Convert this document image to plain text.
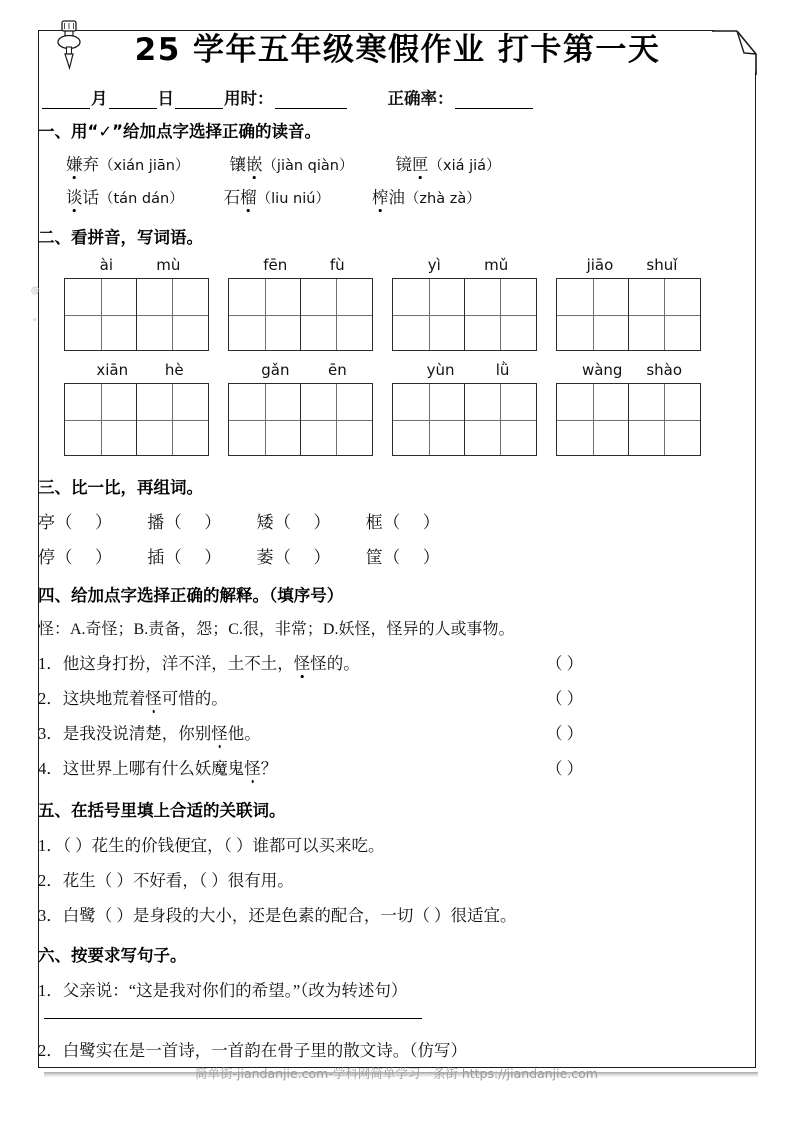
@
"
25 学年五年级寒假作业 打卡第一天
月	日	用时：	正确率：
一、用“✓”给加点字选择正确的读音。
嫌弃 （xián jiān） 镶嵌 （jiàn qiàn）	镜匣 （xiá jiá）
谈话 （tán dán） 石榴 （liu niú）	榨油 （zhà zà）
二、看拼音，写词语。
ài	mù	fēn	fù	yì	mǔ	jiāo shuǐ
xiān hè	gǎn	ēn	yùn	lǜ	wàng shào
三、比一比，再组词。
亭（ ） 播（ ） 矮（ ） 框（ ）
停（ ） 插（ ） 萎（ ） 筐（ ）
四、给加点字选择正确的解释。（填序号）
怪：A.奇怪；B.责备，怨；C.很，非常；D.妖怪，怪异的人或事物。
1．他这身打扮，洋不洋，土不土，怪怪的。	（ ）
2．这块地荒着怪可惜的。	（ ）
3．是我没说清楚，你别怪他。	（ ）
4．这世界上哪有什么妖魔鬼怪？	（ ）
五、在括号里填上合适的关联词。
1．（ ）花生的价钱便宜，（ ）谁都可以买来吃。
2．花生（ ）不好看，（ ）很有用。
3．白鹭（ ）是身段的大小，还是色素的配合，一切（ ）很适宜。
六、按要求写句子。
1．父亲说：“这是我对你们的希望。”（改为转述句）
2．白鹭实在是一首诗，一首韵在骨子里的散文诗。（仿写）
简单街-jiandanjie.com-学科网简单学习一条街 https://jiandanjie.com
